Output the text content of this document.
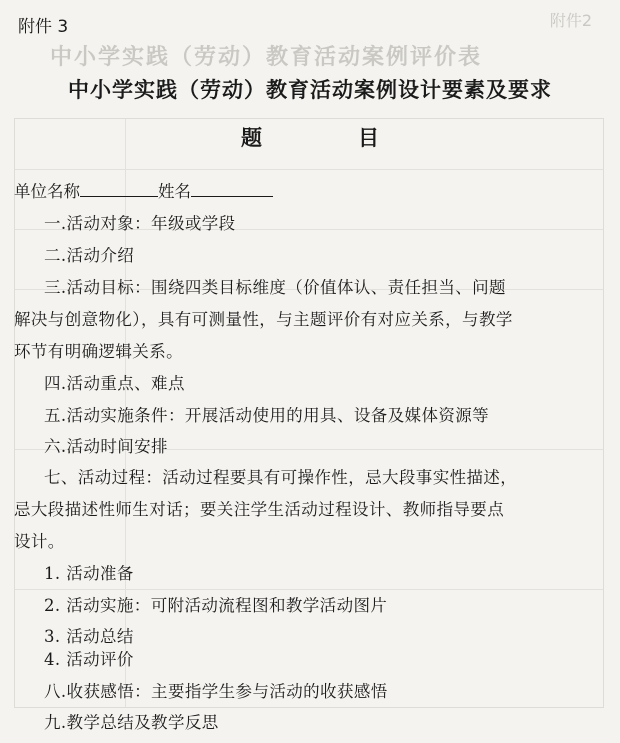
附件2
中小学实践（劳动）教育活动案例评价表
附件 3
中小学实践（劳动）教育活动案例设计要素及要求
题	目
单位名称	姓名
一.活动对象：年级或学段
二.活动介绍
三.活动目标：围绕四类目标维度（价值体认、责任担当、问题
解决与创意物化），具有可测量性，与主题评价有对应关系，与教学
环节有明确逻辑关系。
四.活动重点、难点
五.活动实施条件：开展活动使用的用具、设备及媒体资源等
六.活动时间安排
七、活动过程：活动过程要具有可操作性，忌大段事实性描述，
忌大段描述性师生对话；要关注学生活动过程设计、教师指导要点
设计。
1. 活动准备
2. 活动实施：可附活动流程图和教学活动图片
3. 活动总结
4. 活动评价
八.收获感悟：主要指学生参与活动的收获感悟
九.教学总结及教学反思
